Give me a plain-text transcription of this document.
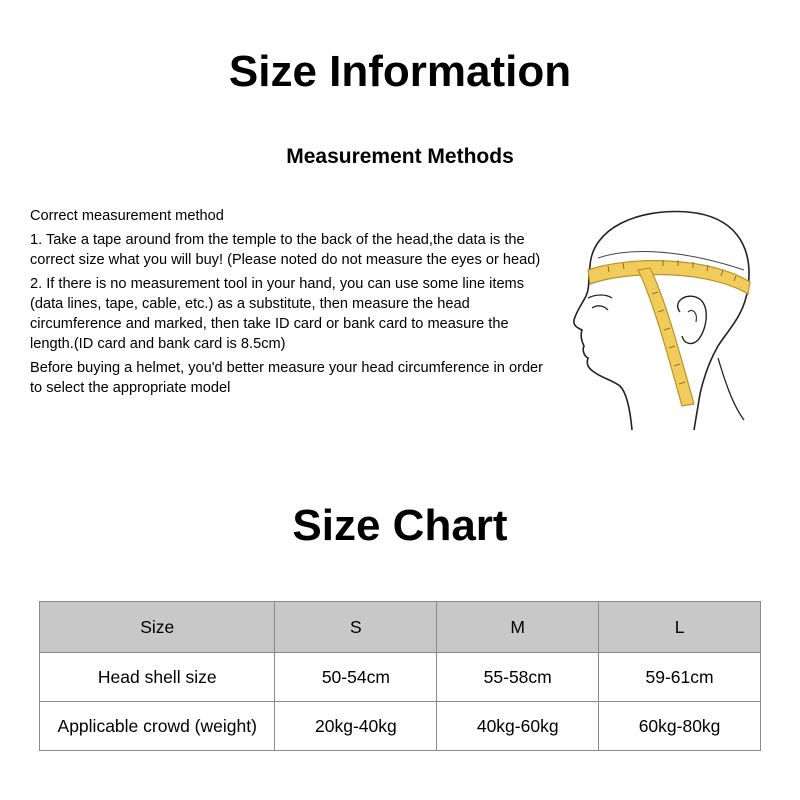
Size Information
Measurement Methods

Correct measurement method

1. Take a tape around from the temple to the back of the head,the data is the correct size what you will buy! (Please noted do not measure the eyes or head)

2. If there is no measurement tool in your hand, you can use some line items (data lines, tape, cable, etc.) as a substitute, then measure the head circumference and marked, then take ID card or bank card to measure the length.(ID card and bank card is 8.5cm)

Before buying a helmet, you'd better measure your head circumference in order to select the appropriate model

Size Chart
Size	S	M	L
Head shell size	50-54cm	55-58cm	59-61cm
Applicable crowd (weight)	20kg-40kg	40kg-60kg	60kg-80kg
